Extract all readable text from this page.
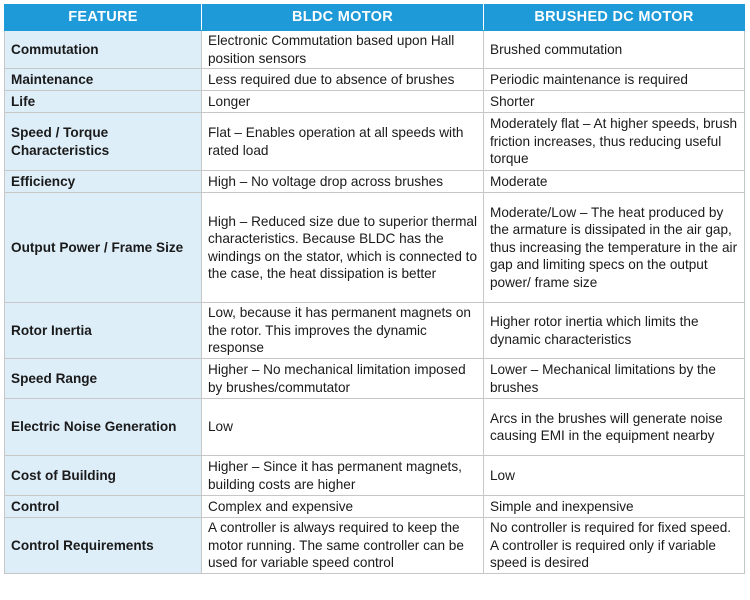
FEATURE	BLDC MOTOR	BRUSHED DC MOTOR
Commutation	Electronic Commutation based upon Hall position sensors	Brushed commutation
Maintenance	Less required due to absence of brushes	Periodic maintenance is required
Life	Longer	Shorter
Speed / Torque Characteristics	Flat – Enables operation at all speeds with rated load	Moderately flat – At higher speeds, brush friction increases, thus reducing useful torque
Efficiency	High – No voltage drop across brushes	Moderate
Output Power / Frame Size	High – Reduced size due to superior thermal characteristics. Because BLDC has the windings on the stator, which is connected to the case, the heat dissipation is better	Moderate/Low – The heat produced by the armature is dissipated in the air gap, thus increasing the temperature in the air gap and limiting specs on the output power/ frame size
Rotor Inertia	Low, because it has permanent magnets on the rotor. This improves the dynamic response	Higher rotor inertia which limits the dynamic characteristics
Speed Range	Higher – No mechanical limitation imposed by brushes/commutator	Lower – Mechanical limitations by the brushes
Electric Noise Generation	Low	Arcs in the brushes will generate noise causing EMI in the equipment nearby
Cost of Building	Higher – Since it has permanent magnets, building costs are higher	Low
Control	Complex and expensive	Simple and inexpensive
Control Requirements	A controller is always required to keep the motor running. The same controller can be used for variable speed control	No controller is required for fixed speed. A controller is required only if variable speed is desired
